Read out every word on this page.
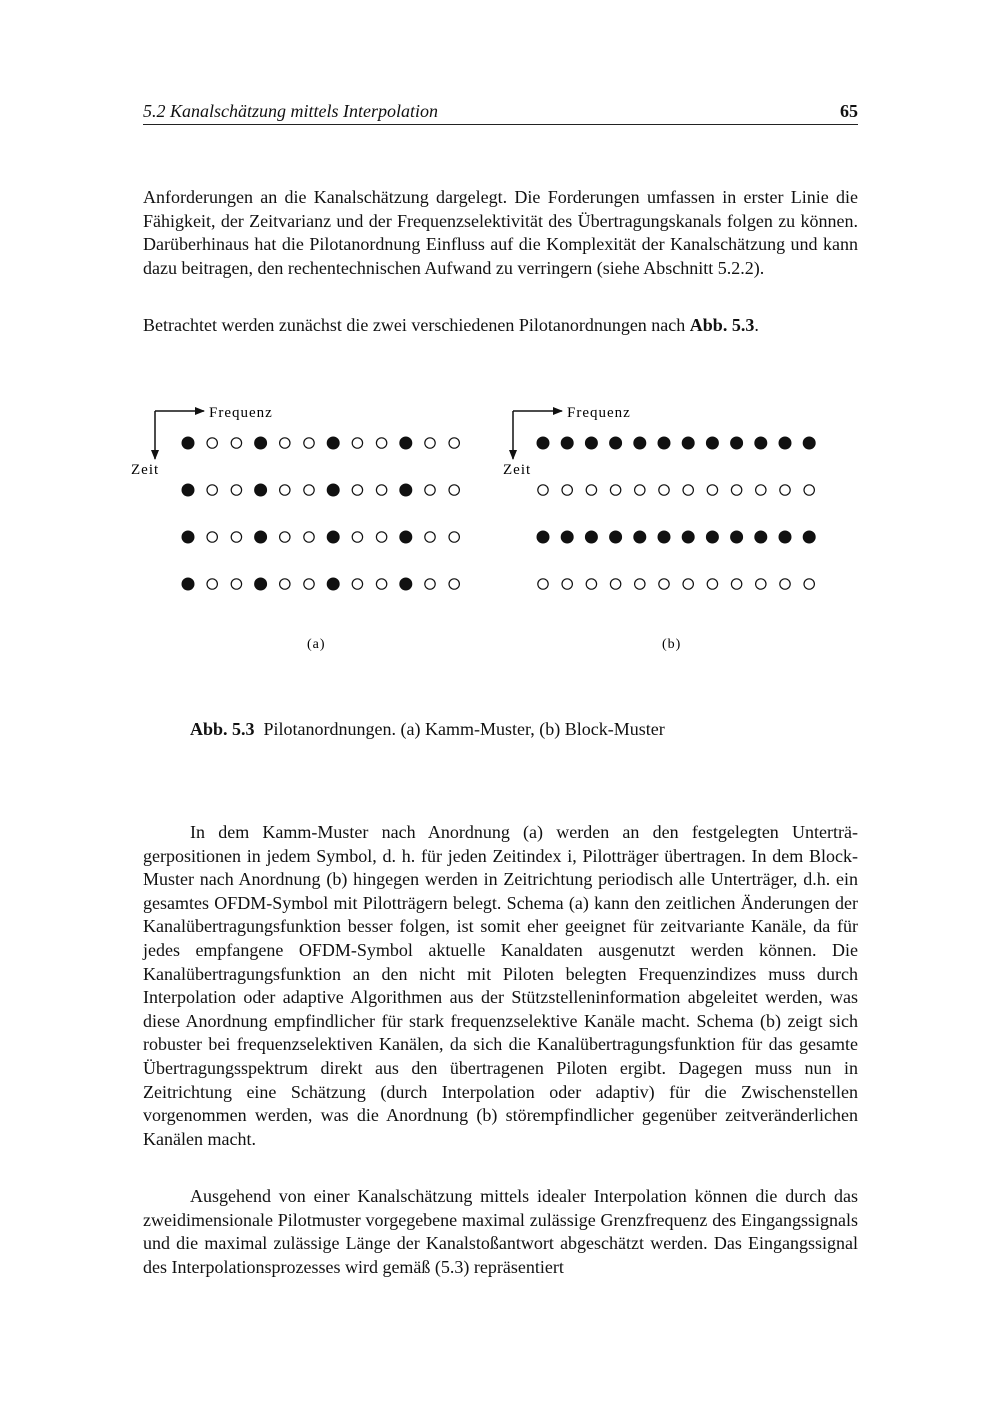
5.2 Kanalschätzung mittels Interpolation	65

Anforderungen an die Kanalschätzung dargelegt. Die Forderungen umfassen in erster Linie die Fähigkeit, der Zeitvarianz und der Frequenzselektivität des Übertragungskanals folgen zu können. Darüberhinaus hat die Pilotanordnung Einfluss auf die Komplexität der Kanalschätzung und kann dazu beitragen, den rechentechnischen Aufwand zu verringern (siehe Abschnitt 5.2.2).

Betrachtet werden zunächst die zwei verschiedenen Pilotanordnungen nach Abb. 5.3.

Frequenz
Zeit
(a)
Frequenz
Zeit
(b)
Abb. 5.3 Pilotanordnungen. (a) Kamm-Muster, (b) Block-Muster

In dem Kamm-Muster nach Anordnung (a) werden an den festgelegten Unterträgerpositionen in jedem Symbol, d. h. für jeden Zeitindex i, Pilotträger übertragen. In dem Block-Muster nach Anordnung (b) hingegen werden in Zeitrichtung periodisch alle Unterträger, d.h. ein gesamtes OFDM-Symbol mit Pilotträgern belegt. Schema (a) kann den zeitlichen Änderungen der Kanalübertragungsfunktion besser folgen, ist somit eher geeignet für zeitvariante Kanäle, da für jedes empfangene OFDM-Symbol aktuelle Kanaldaten ausgenutzt werden können. Die Kanalübertragungsfunktion an den nicht mit Piloten belegten Frequenzindizes muss durch Interpolation oder adaptive Algorithmen aus der Stützstelleninformation abgeleitet werden, was diese Anordnung empfindlicher für stark frequenzselektive Kanäle macht. Schema (b) zeigt sich robuster bei frequenzselektiven Kanälen, da sich die Kanalübertragungsfunktion für das gesamte Übertragungsspektrum direkt aus den übertragenen Piloten ergibt. Dagegen muss nun in Zeitrichtung eine Schätzung (durch Interpolation oder adaptiv) für die Zwischenstellen vorgenommen werden, was die Anordnung (b) störempfindlicher gegenüber zeitveränderlichen Kanälen macht.

Ausgehend von einer Kanalschätzung mittels idealer Interpolation können die durch das zweidimensionale Pilotmuster vorgegebene maximal zulässige Grenzfrequenz des Eingangssignals und die maximal zulässige Länge der Kanalstoßantwort abgeschätzt werden. Das Eingangssignal des Interpolationsprozesses wird gemäß (5.3) repräsentiert
